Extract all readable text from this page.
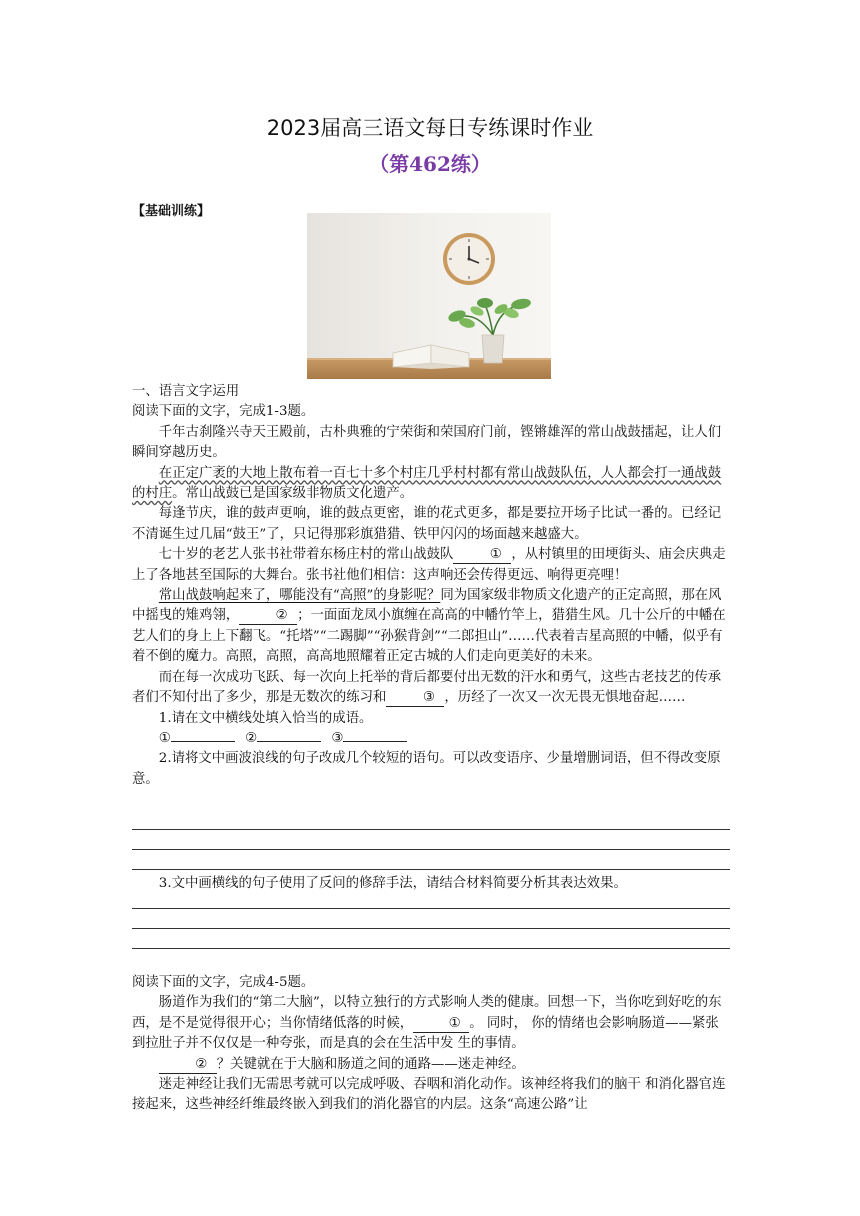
2023届高三语文每日专练课时作业
（第462练）
【基础训练】

一、语言文字运用

阅读下面的文字，完成1-3题。

千年古刹隆兴寺天王殿前，古朴典雅的宁荣街和荣国府门前，铿锵雄浑的常山战鼓擂起，让人们瞬间穿越历史。

在正定广袤的大地上散布着一百七十多个村庄几乎村村都有常山战鼓队伍，人人都会打一通战鼓的村庄。常山战鼓已是国家级非物质文化遗产。

每逢节庆，谁的鼓声更响，谁的鼓点更密，谁的花式更多，都是要拉开场子比试一番的。已经记不清诞生过几届“鼓王”了，只记得那彩旗猎猎、铁甲闪闪的场面越来越盛大。

七十岁的老艺人张书社带着东杨庄村的常山战鼓队	① ，从村镇里的田埂街头、庙会庆典走上了各地甚至国际的大舞台。张书社他们相信：这声响还会传得更远、响得更亮哩！

常山战鼓响起来了，哪能没有“高照”的身影呢？同为国家级非物质文化遗产的正定高照，那在风中摇曳的雉鸡翎，	② ；一面面龙凤小旗缠在高高的中幡竹竿上，猎猎生风。几十公斤的中幡在艺人们的身上上下翻飞。“托塔”“二踢脚”“孙猴背剑”“二郎担山”……代表着吉星高照的中幡，似乎有着不倒的魔力。高照，高照，高高地照耀着正定古城的人们走向更美好的未来。

而在每一次成功飞跃、每一次向上托举的背后都要付出无数的汗水和勇气，这些古老技艺的传承者们不知付出了多少，那是无数次的练习和	③ ，历经了一次又一次无畏无惧地奋起……

1.请在文中横线处填入恰当的成语。

①	②	③

2.请将文中画波浪线的句子改成几个较短的语句。可以改变语序、少量增删词语，但不得改变原意。

3.文中画横线的句子使用了反问的修辞手法，请结合材料简要分析其表达效果。

阅读下面的文字，完成4-5题。

肠道作为我们的“第二大脑”，以特立独行的方式影响人类的健康。回想一下，当你吃到好吃的东西，是不是觉得很开心；当你情绪低落的时候，	① 。 同时， 你的情绪也会影响肠道——紧张到拉肚子并不仅仅是一种夸张，而是真的会在生活中发 生的事情。

② ？关键就在于大脑和肠道之间的通路——迷走神经。

迷走神经让我们无需思考就可以完成呼吸、吞咽和消化动作。该神经将我们的脑干 和消化器官连接起来，这些神经纤维最终嵌入到我们的消化器官的内层。这条“高速公路”让
